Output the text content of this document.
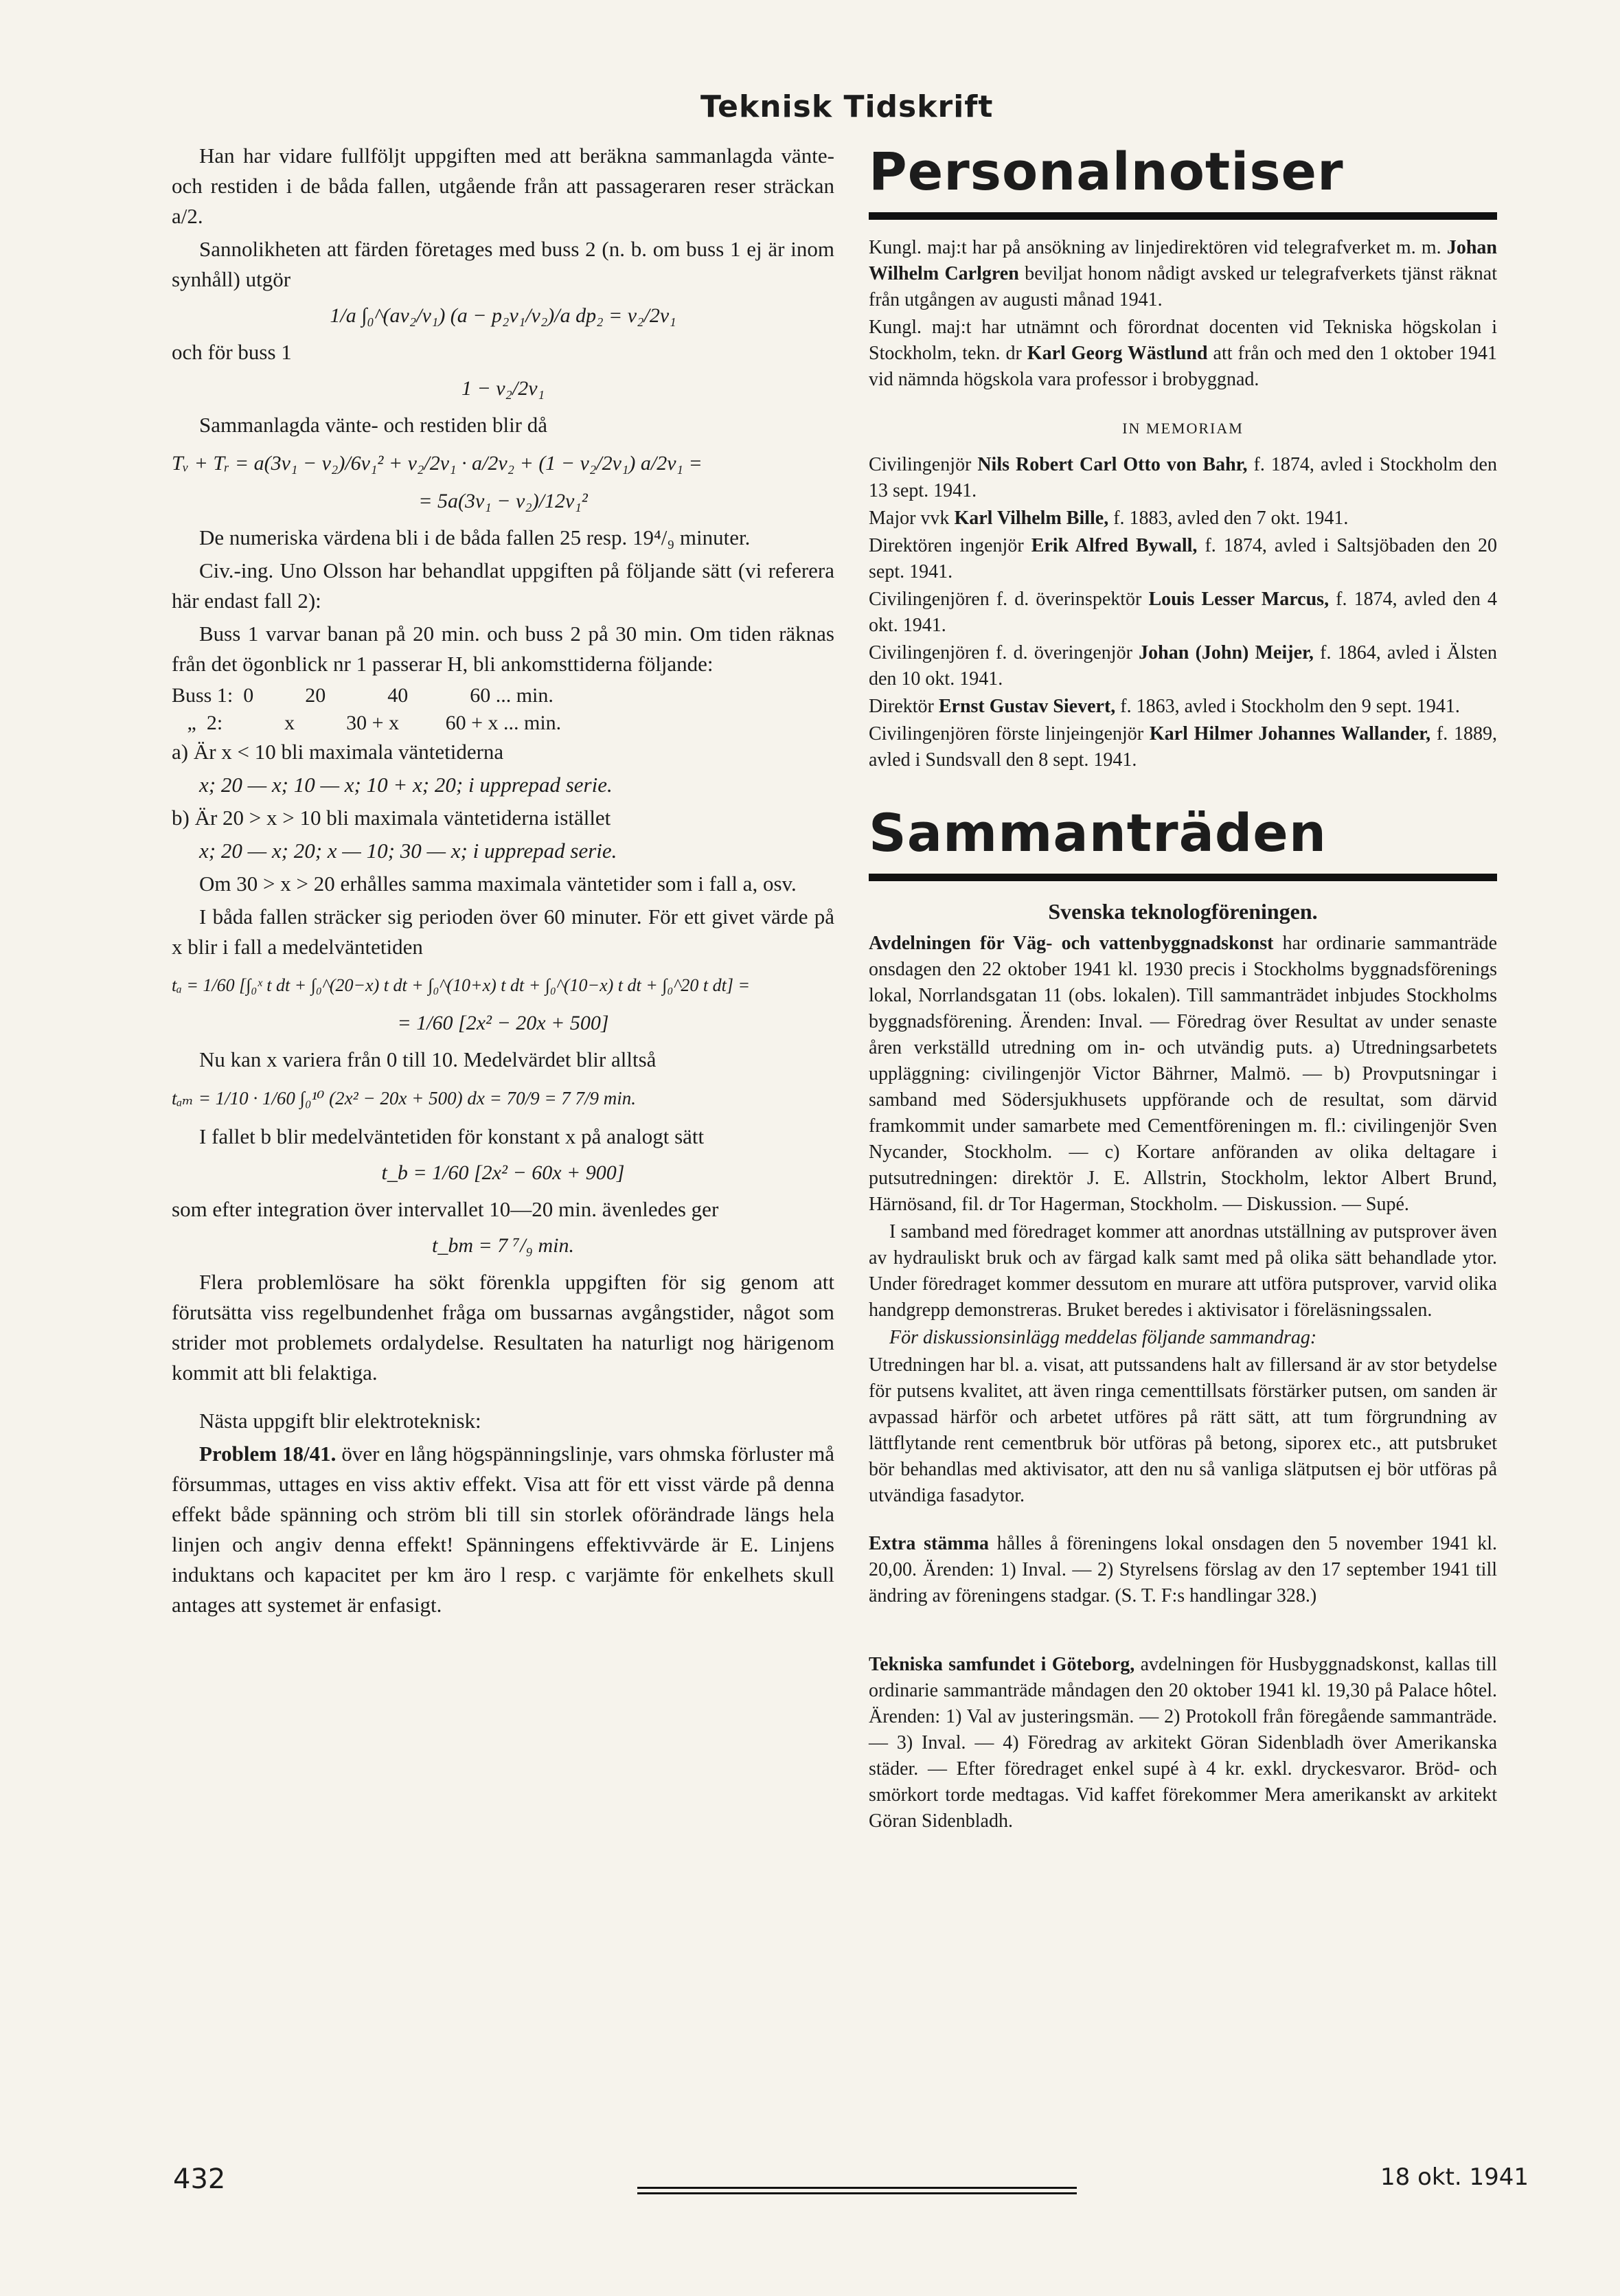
Teknisk Tidskrift

Han har vidare fullföljt uppgiften med att beräkna sammanlagda vänte- och restiden i de båda fallen, utgående från att passageraren reser sträckan a/2.

Sannolikheten att färden företages med buss 2 (n. b. om buss 1 ej är inom synhåll) utgör

1/a ∫₀^(av₂/v₁) (a − p₂v₁/v₂)/a dp₂ = v₂/2v₁

och för buss 1

1 − v₂/2v₁

Sammanlagda vänte- och restiden blir då

Tᵥ + Tᵣ = a(3v₁ − v₂)/6v₁² + v₂/2v₁ · a/2v₂ + (1 − v₂/2v₁) a/2v₁ =
= 5a(3v₁ − v₂)/12v₁²

De numeriska värdena bli i de båda fallen 25 resp. 19⁴/₉ minuter.

Civ.-ing. Uno Olsson har behandlat uppgiften på följande sätt (vi referera här endast fall 2):

Buss 1 varvar banan på 20 min. och buss 2 på 30 min. Om tiden räknas från det ögonblick nr 1 passerar H, bli ankomsttiderna följande:

Buss 1:  0          20            40            60 ... min.
„  2:            x          30 + x         60 + x ... min.

a) Är x < 10 bli maximala väntetiderna

x; 20 — x; 10 — x; 10 + x; 20; i upprepad serie.

b) Är 20 > x > 10 bli maximala väntetiderna istället

x; 20 — x; 20; x — 10; 30 — x; i upprepad serie.

Om 30 > x > 20 erhålles samma maximala väntetider som i fall a, osv.

I båda fallen sträcker sig perioden över 60 minuter. För ett givet värde på x blir i fall a medelväntetiden

tₐ = 1/60 [∫₀ˣ t dt + ∫₀^(20−x) t dt + ∫₀^(10+x) t dt + ∫₀^(10−x) t dt + ∫₀^20 t dt] =
= 1/60 [2x² − 20x + 500]

Nu kan x variera från 0 till 10. Medelvärdet blir alltså

tₐₘ = 1/10 · 1/60 ∫₀¹⁰ (2x² − 20x + 500) dx = 70/9 = 7 7/9 min.

I fallet b blir medelväntetiden för konstant x på analogt sätt

t_b = 1/60 [2x² − 60x + 900]

som efter integration över intervallet 10—20 min. ävenledes ger

t_bm = 7 ⁷/₉ min.

Flera problemlösare ha sökt förenkla uppgiften för sig genom att förutsätta viss regelbundenhet fråga om bussarnas avgångstider, något som strider mot problemets ordalydelse. Resultaten ha naturligt nog härigenom kommit att bli felaktiga.

Nästa uppgift blir elektroteknisk:

Problem 18/41. över en lång högspänningslinje, vars ohmska förluster må försummas, uttages en viss aktiv effekt. Visa att för ett visst värde på denna effekt både spänning och ström bli till sin storlek oförändrade längs hela linjen och angiv denna effekt! Spänningens effektivvärde är E. Linjens induktans och kapacitet per km äro l resp. c varjämte för enkelhets skull antages att systemet är enfasigt.

Personalnotiser

Kungl. maj:t har på ansökning av linjedirektören vid telegrafverket m. m. Johan Wilhelm Carlgren beviljat honom nådigt avsked ur telegrafverkets tjänst räknat från utgången av augusti månad 1941.

Kungl. maj:t har utnämnt och förordnat docenten vid Tekniska högskolan i Stockholm, tekn. dr Karl Georg Wästlund att från och med den 1 oktober 1941 vid nämnda högskola vara professor i brobyggnad.

IN MEMORIAM

Civilingenjör Nils Robert Carl Otto von Bahr, f. 1874, avled i Stockholm den 13 sept. 1941.

Major vvk Karl Vilhelm Bille, f. 1883, avled den 7 okt. 1941.

Direktören ingenjör Erik Alfred Bywall, f. 1874, avled i Saltsjöbaden den 20 sept. 1941.

Civilingenjören f. d. överinspektör Louis Lesser Marcus, f. 1874, avled den 4 okt. 1941.

Civilingenjören f. d. överingenjör Johan (John) Meijer, f. 1864, avled i Älsten den 10 okt. 1941.

Direktör Ernst Gustav Sievert, f. 1863, avled i Stockholm den 9 sept. 1941.

Civilingenjören förste linjeingenjör Karl Hilmer Johannes Wallander, f. 1889, avled i Sundsvall den 8 sept. 1941.

Sammanträden
Svenska teknologföreningen.

Avdelningen för Väg- och vattenbyggnadskonst har ordinarie sammanträde onsdagen den 22 oktober 1941 kl. 1930 precis i Stockholms byggnadsförenings lokal, Norrlandsgatan 11 (obs. lokalen). Till sammanträdet inbjudes Stockholms byggnadsförening. Ärenden: Inval. — Föredrag över Resultat av under senaste åren verkställd utredning om in- och utvändig puts. a) Utredningsarbetets uppläggning: civilingenjör Victor Bährner, Malmö. — b) Provputsningar i samband med Södersjukhusets uppförande och de resultat, som därvid framkommit under samarbete med Cementföreningen m. fl.: civilingenjör Sven Nycander, Stockholm. — c) Kortare anföranden av olika deltagare i putsutredningen: direktör J. E. Allstrin, Stockholm, lektor Albert Brund, Härnösand, fil. dr Tor Hagerman, Stockholm. — Diskussion. — Supé.

I samband med föredraget kommer att anordnas utställning av putsprover även av hydrauliskt bruk och av färgad kalk samt med på olika sätt behandlade ytor. Under föredraget kommer dessutom en murare att utföra putsprover, varvid olika handgrepp demonstreras. Bruket beredes i aktivisator i föreläsningssalen.

För diskussionsinlägg meddelas följande sammandrag:

Utredningen har bl. a. visat, att putssandens halt av fillersand är av stor betydelse för putsens kvalitet, att även ringa cementtillsats förstärker putsen, om sanden är avpassad härför och arbetet utföres på rätt sätt, att tum förgrundning av lättflytande rent cementbruk bör utföras på betong, siporex etc., att putsbruket bör behandlas med aktivisator, att den nu så vanliga slätputsen ej bör utföras på utvändiga fasadytor.

Extra stämma hålles å föreningens lokal onsdagen den 5 november 1941 kl. 20,00. Ärenden: 1) Inval. — 2) Styrelsens förslag av den 17 september 1941 till ändring av föreningens stadgar. (S. T. F:s handlingar 328.)

Tekniska samfundet i Göteborg, avdelningen för Husbyggnadskonst, kallas till ordinarie sammanträde måndagen den 20 oktober 1941 kl. 19,30 på Palace hôtel. Ärenden: 1) Val av justeringsmän. — 2) Protokoll från föregående sammanträde. — 3) Inval. — 4) Föredrag av arkitekt Göran Sidenbladh över Amerikanska städer. — Efter föredraget enkel supé à 4 kr. exkl. dryckesvaror. Bröd- och smörkort torde medtagas. Vid kaffet förekommer Mera amerikanskt av arkitekt Göran Sidenbladh.

432	18 okt. 1941
